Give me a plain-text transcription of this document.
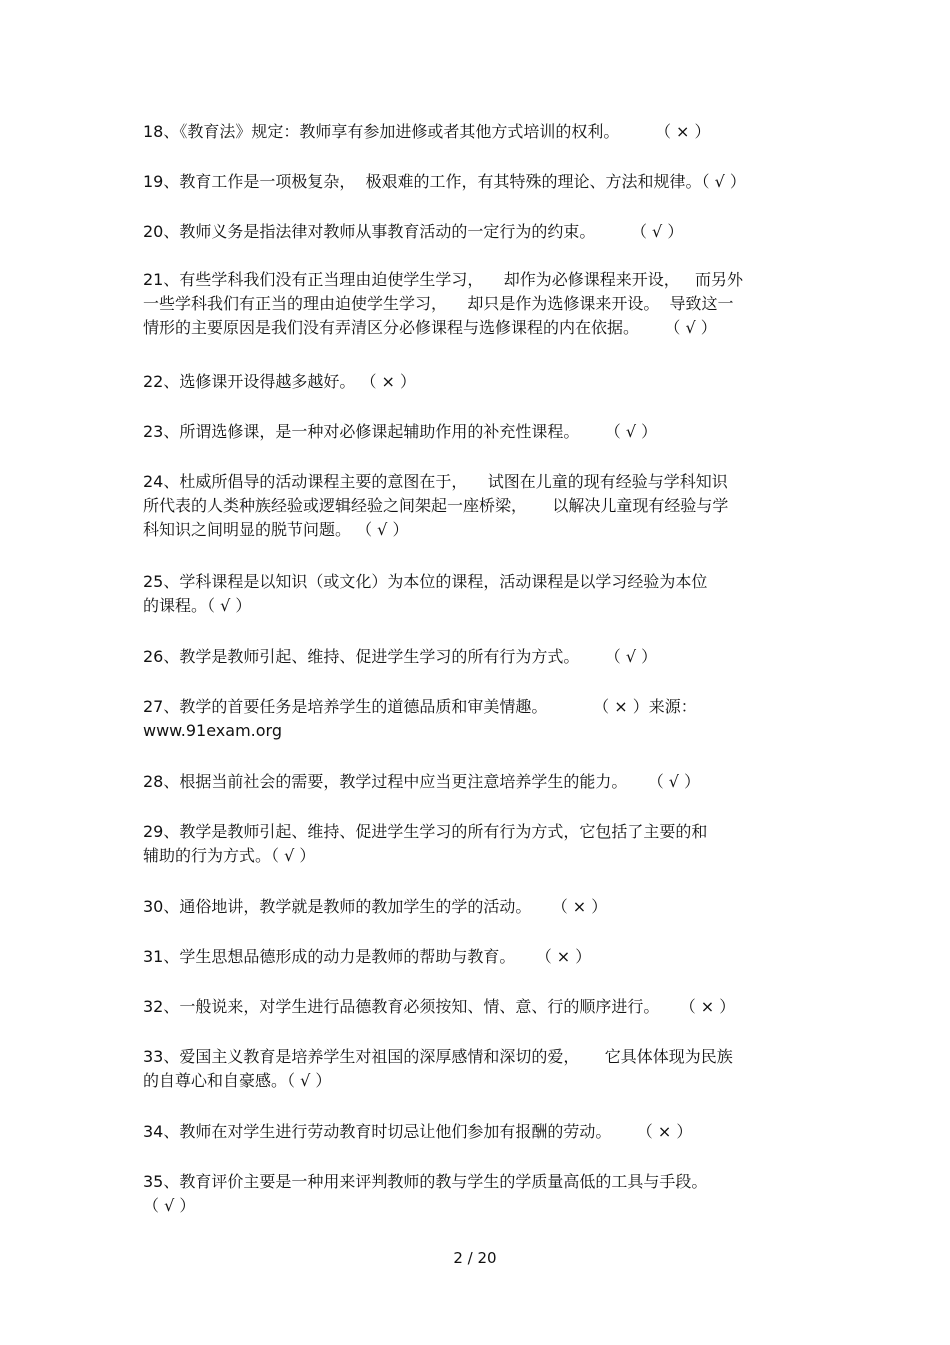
18、《教育法》规定：教师享有参加进修或者其他方式培训的权利。       （ × ）
19、教育工作是一项极复杂，  极艰难的工作，有其特殊的理论、方法和规律。（ √ ）
20、教师义务是指法律对教师从事教育活动的一定行为的约束。       （ √ ）
21、有些学科我们没有正当理由迫使学生学习，    却作为必修课程来开设，   而另外
一些学科我们有正当的理由迫使学生学习，    却只是作为选修课来开设。  导致这一
情形的主要原因是我们没有弄清区分必修课程与选修课程的内在依据。     （ √ ）
22、选修课开设得越多越好。 （ × ）
23、所谓选修课，是一种对必修课起辅助作用的补充性课程。     （ √ ）
24、杜威所倡导的活动课程主要的意图在于，    试图在儿童的现有经验与学科知识
所代表的人类种族经验或逻辑经验之间架起一座桥梁，     以解决儿童现有经验与学
科知识之间明显的脱节问题。 （ √ ）
25、学科课程是以知识（或文化）为本位的课程，活动课程是以学习经验为本位
的课程。（ √ ）
26、教学是教师引起、维持、促进学生学习的所有行为方式。     （ √ ）
27、教学的首要任务是培养学生的道德品质和审美情趣。         （ × ）来源：
www.91exam.org
28、根据当前社会的需要，教学过程中应当更注意培养学生的能力。    （ √ ）
29、教学是教师引起、维持、促进学生学习的所有行为方式，它包括了主要的和
辅助的行为方式。（ √ ）
30、通俗地讲，教学就是教师的教加学生的学的活动。    （ × ）
31、学生思想品德形成的动力是教师的帮助与教育。    （ × ）
32、一般说来，对学生进行品德教育必须按知、情、意、行的顺序进行。    （ × ）
33、爱国主义教育是培养学生对祖国的深厚感情和深切的爱，     它具体体现为民族
的自尊心和自豪感。（ √ ）
34、教师在对学生进行劳动教育时切忌让他们参加有报酬的劳动。     （ × ）
35、教育评价主要是一种用来评判教师的教与学生的学质量高低的工具与手段。
（ √ ）
2 / 20
